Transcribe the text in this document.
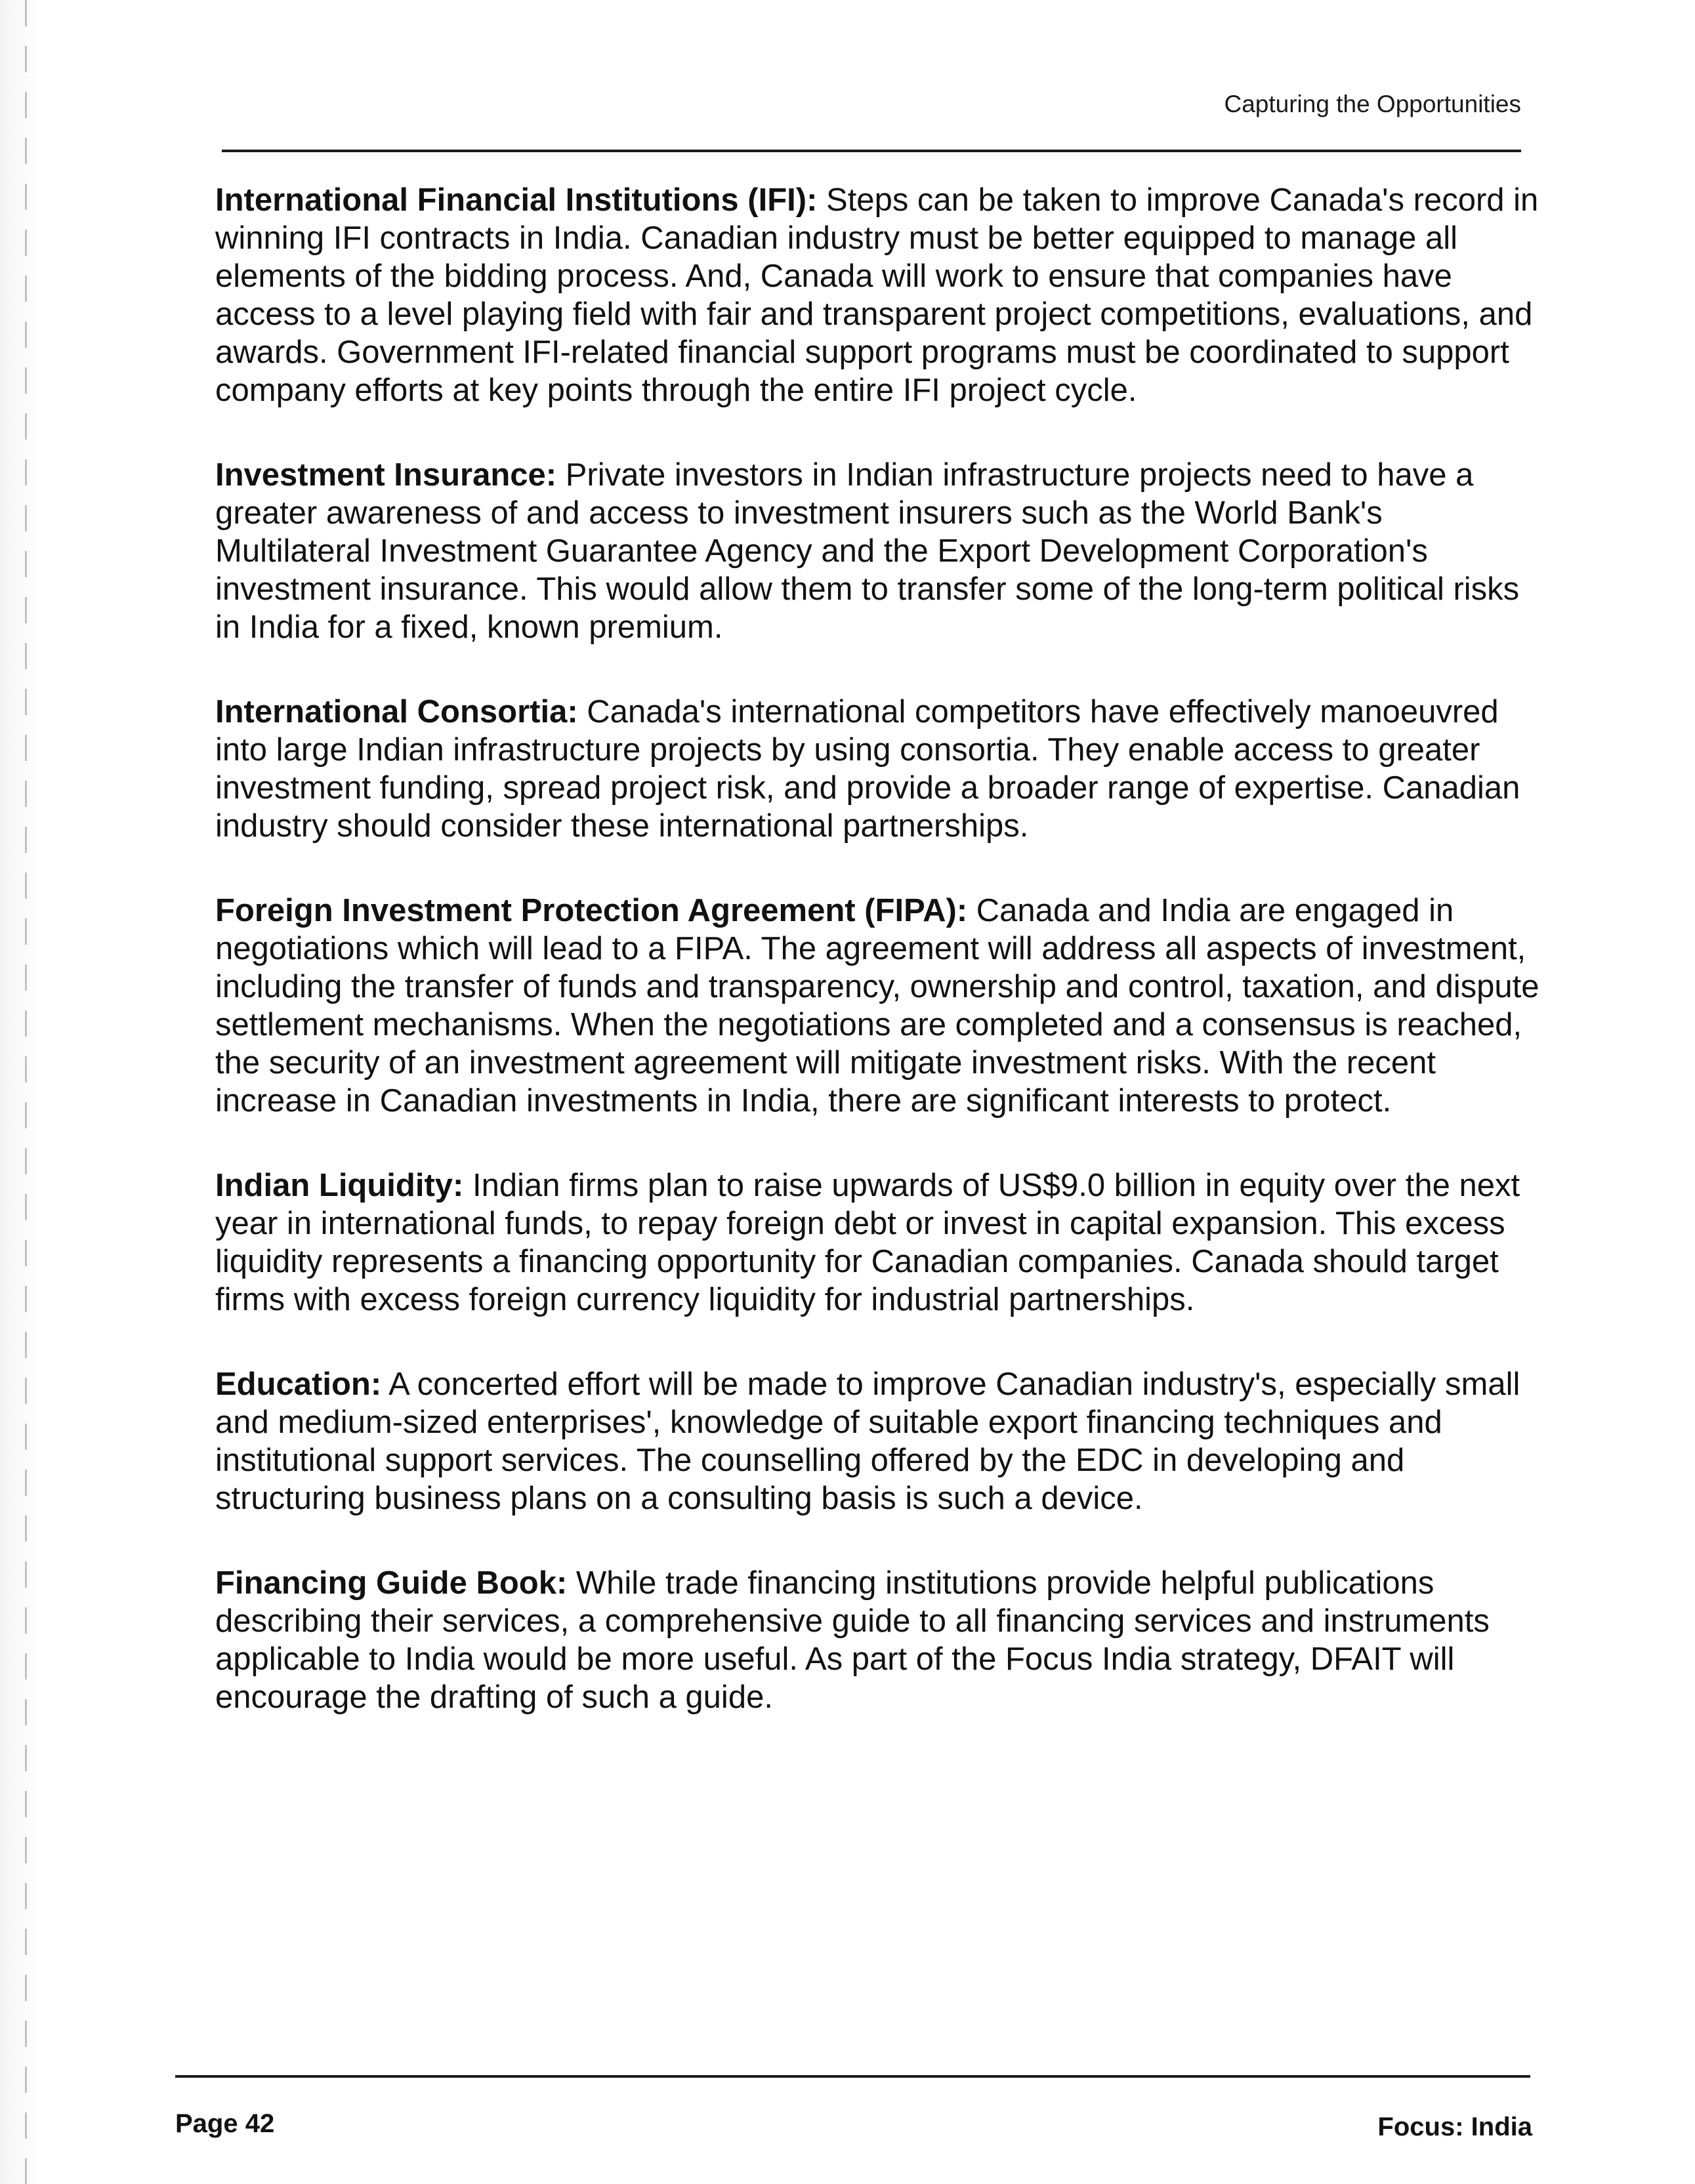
Capturing the Opportunities

International Financial Institutions (IFI): Steps can be taken to improve Canada's record in winning IFI contracts in India. Canadian industry must be better equipped to manage all elements of the bidding process. And, Canada will work to ensure that companies have access to a level playing field with fair and transparent project competitions, evaluations, and awards. Government IFI-related financial support programs must be coordinated to support company efforts at key points through the entire IFI project cycle.

Investment Insurance: Private investors in Indian infrastructure projects need to have a greater awareness of and access to investment insurers such as the World Bank's Multilateral Investment Guarantee Agency and the Export Development Corporation's investment insurance. This would allow them to transfer some of the long-term political risks in India for a fixed, known premium.

International Consortia: Canada's international competitors have effectively manoeuvred into large Indian infrastructure projects by using consortia. They enable access to greater investment funding, spread project risk, and provide a broader range of expertise. Canadian industry should consider these international partnerships.

Foreign Investment Protection Agreement (FIPA): Canada and India are engaged in negotiations which will lead to a FIPA. The agreement will address all aspects of investment, including the transfer of funds and transparency, ownership and control, taxation, and dispute settlement mechanisms. When the negotiations are completed and a consensus is reached, the security of an investment agreement will mitigate investment risks. With the recent increase in Canadian investments in India, there are significant interests to protect.

Indian Liquidity: Indian firms plan to raise upwards of US$9.0 billion in equity over the next year in international funds, to repay foreign debt or invest in capital expansion. This excess liquidity represents a financing opportunity for Canadian companies. Canada should target firms with excess foreign currency liquidity for industrial partnerships.

Education: A concerted effort will be made to improve Canadian industry's, especially small and medium-sized enterprises', knowledge of suitable export financing techniques and institutional support services. The counselling offered by the EDC in developing and structuring business plans on a consulting basis is such a device.

Financing Guide Book: While trade financing institutions provide helpful publications describing their services, a comprehensive guide to all financing services and instruments applicable to India would be more useful. As part of the Focus India strategy, DFAIT will encourage the drafting of such a guide.

Page 42	Focus: India
